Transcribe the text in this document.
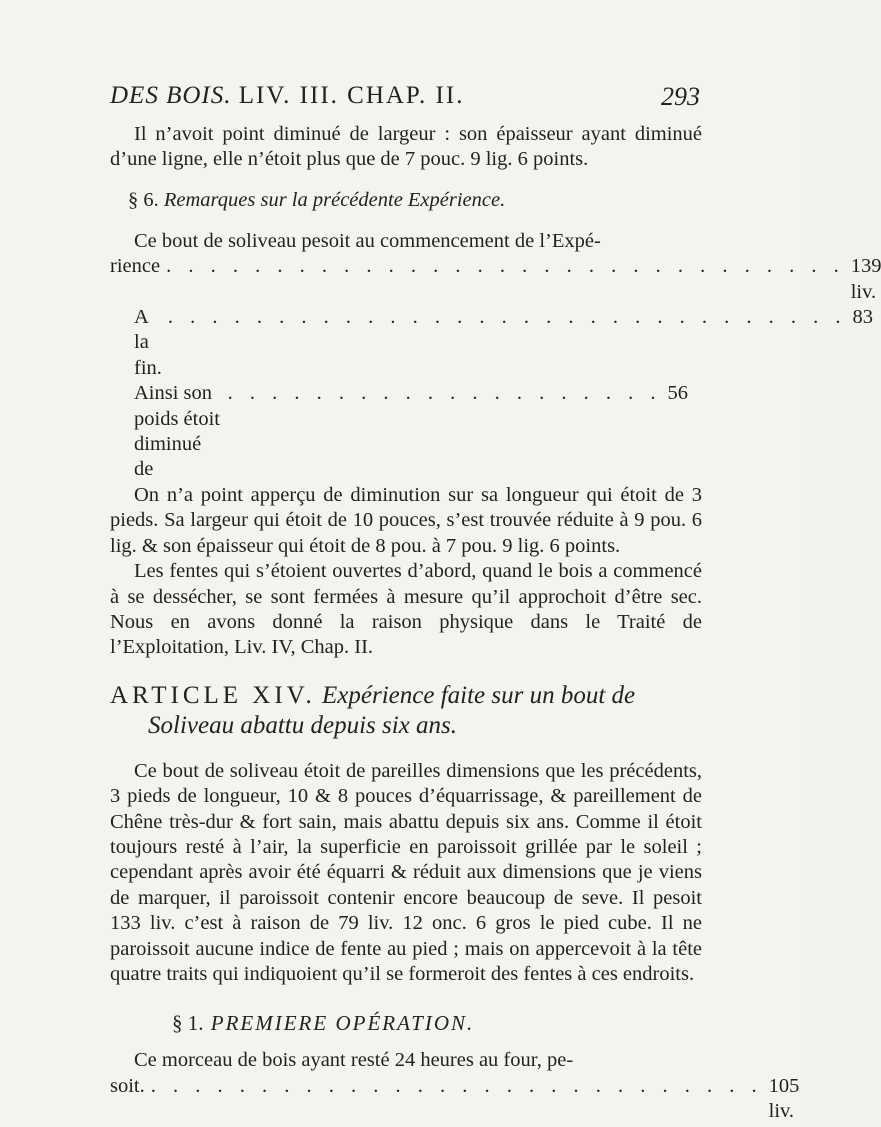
DES BOIS. LIV. III. CHAP. II.	293

Il n’avoit point diminué de largeur : son épaisseur ayant diminué d’une ligne, elle n’étoit plus que de 7 pouc. 9 lig. 6 points.

§ 6. Remarques sur la précédente Expérience.

Ce bout de soliveau pesoit au commencement de l’Expé-

rience . . . . . . . . . . . . . . . . . . . . . . . . . . . . . . . 139 liv.
A la fin.
. . . . . . . . . . . . . . . . . . . . . . . . . . . . . . . 83
Ainsi son poids étoit diminué de
. . . . . . . . . . . . . . . . . . . . 56

On n’a point apperçu de diminution sur sa longueur qui étoit de 3 pieds. Sa largeur qui étoit de 10 pouces, s’est trouvée réduite à 9 pou. 6 lig. & son épaisseur qui étoit de 8 pou. à 7 pou. 9 lig. 6 points.

Les fentes qui s’étoient ouvertes d’abord, quand le bois a commencé à se dessécher, se sont fermées à mesure qu’il approchoit d’être sec. Nous en avons donné la raison physique dans le Traité de l’Exploitation, Liv. IV, Chap. II.

ARTICLE XIV. Expérience faite sur un bout de
Soliveau abattu depuis six ans.

Ce bout de soliveau étoit de pareilles dimensions que les précédents, 3 pieds de longueur, 10 & 8 pouces d’équarrissage, & pareillement de Chêne très-dur & fort sain, mais abattu depuis six ans. Comme il étoit toujours resté à l’air, la superficie en paroissoit grillée par le soleil ; cependant après avoir été équarri & réduit aux dimensions que je viens de marquer, il paroissoit contenir encore beaucoup de seve. Il pesoit 133 liv. c’est à raison de 79 liv. 12 onc. 6 gros le pied cube. Il ne paroissoit aucune indice de fente au pied ; mais on appercevoit à la tête quatre traits qui indiquoient qu’il se formeroit des fentes à ces endroits.

§ 1. PREMIERE OPÉRATION.

Ce morceau de bois ayant resté 24 heures au four, pe-

soit. . . . . . . . . . . . . . . . . . . . . . . . . . . . . 105 liv.
